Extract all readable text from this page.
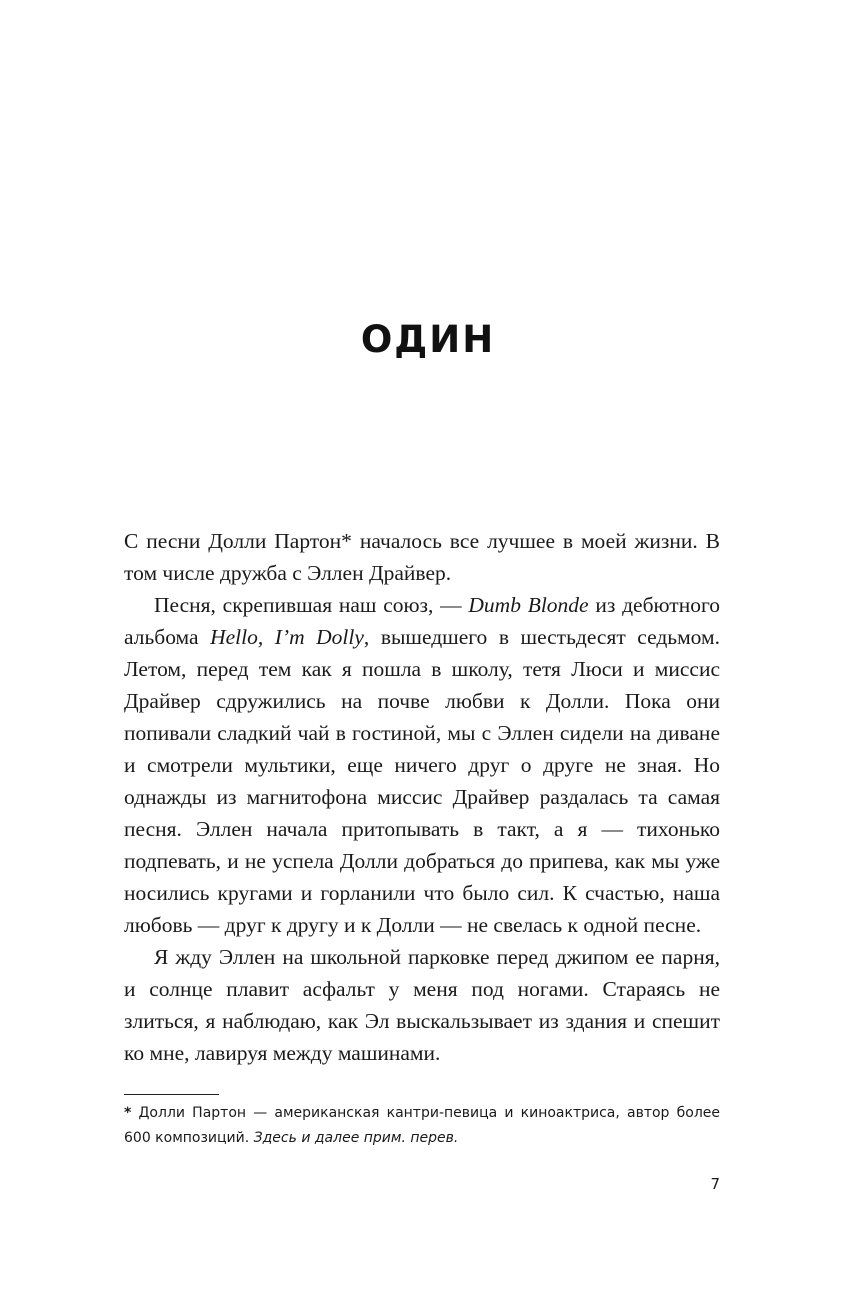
ОДИН

С песни Долли Партон* началось все лучшее в моей жизни. В том числе дружба с Эллен Драйвер.

Песня, скрепившая наш союз, — Dumb Blonde из дебютного альбома Hello, I’m Dolly, вышедшего в шестьдесят седьмом. Летом, перед тем как я пошла в школу, тетя Люси и миссис Драйвер сдружились на почве любви к Долли. Пока они попивали сладкий чай в гостиной, мы с Эллен сидели на диване и смотрели мультики, еще ничего друг о друге не зная. Но однажды из магнитофона миссис Драйвер раздалась та самая песня. Эллен начала притопывать в такт, а я — тихонько подпевать, и не успела Долли добраться до припева, как мы уже носились кругами и горланили что было сил. К счастью, наша любовь — друг к другу и к Долли — не свелась к одной песне.

Я жду Эллен на школьной парковке перед джипом ее парня, и солнце плавит асфальт у меня под ногами. Стараясь не злиться, я наблюдаю, как Эл выскальзывает из здания и спешит ко мне, лавируя между машинами.

* Долли Партон — американская кантри-певица и киноактриса, автор более 600 композиций. Здесь и далее прим. перев.
7
